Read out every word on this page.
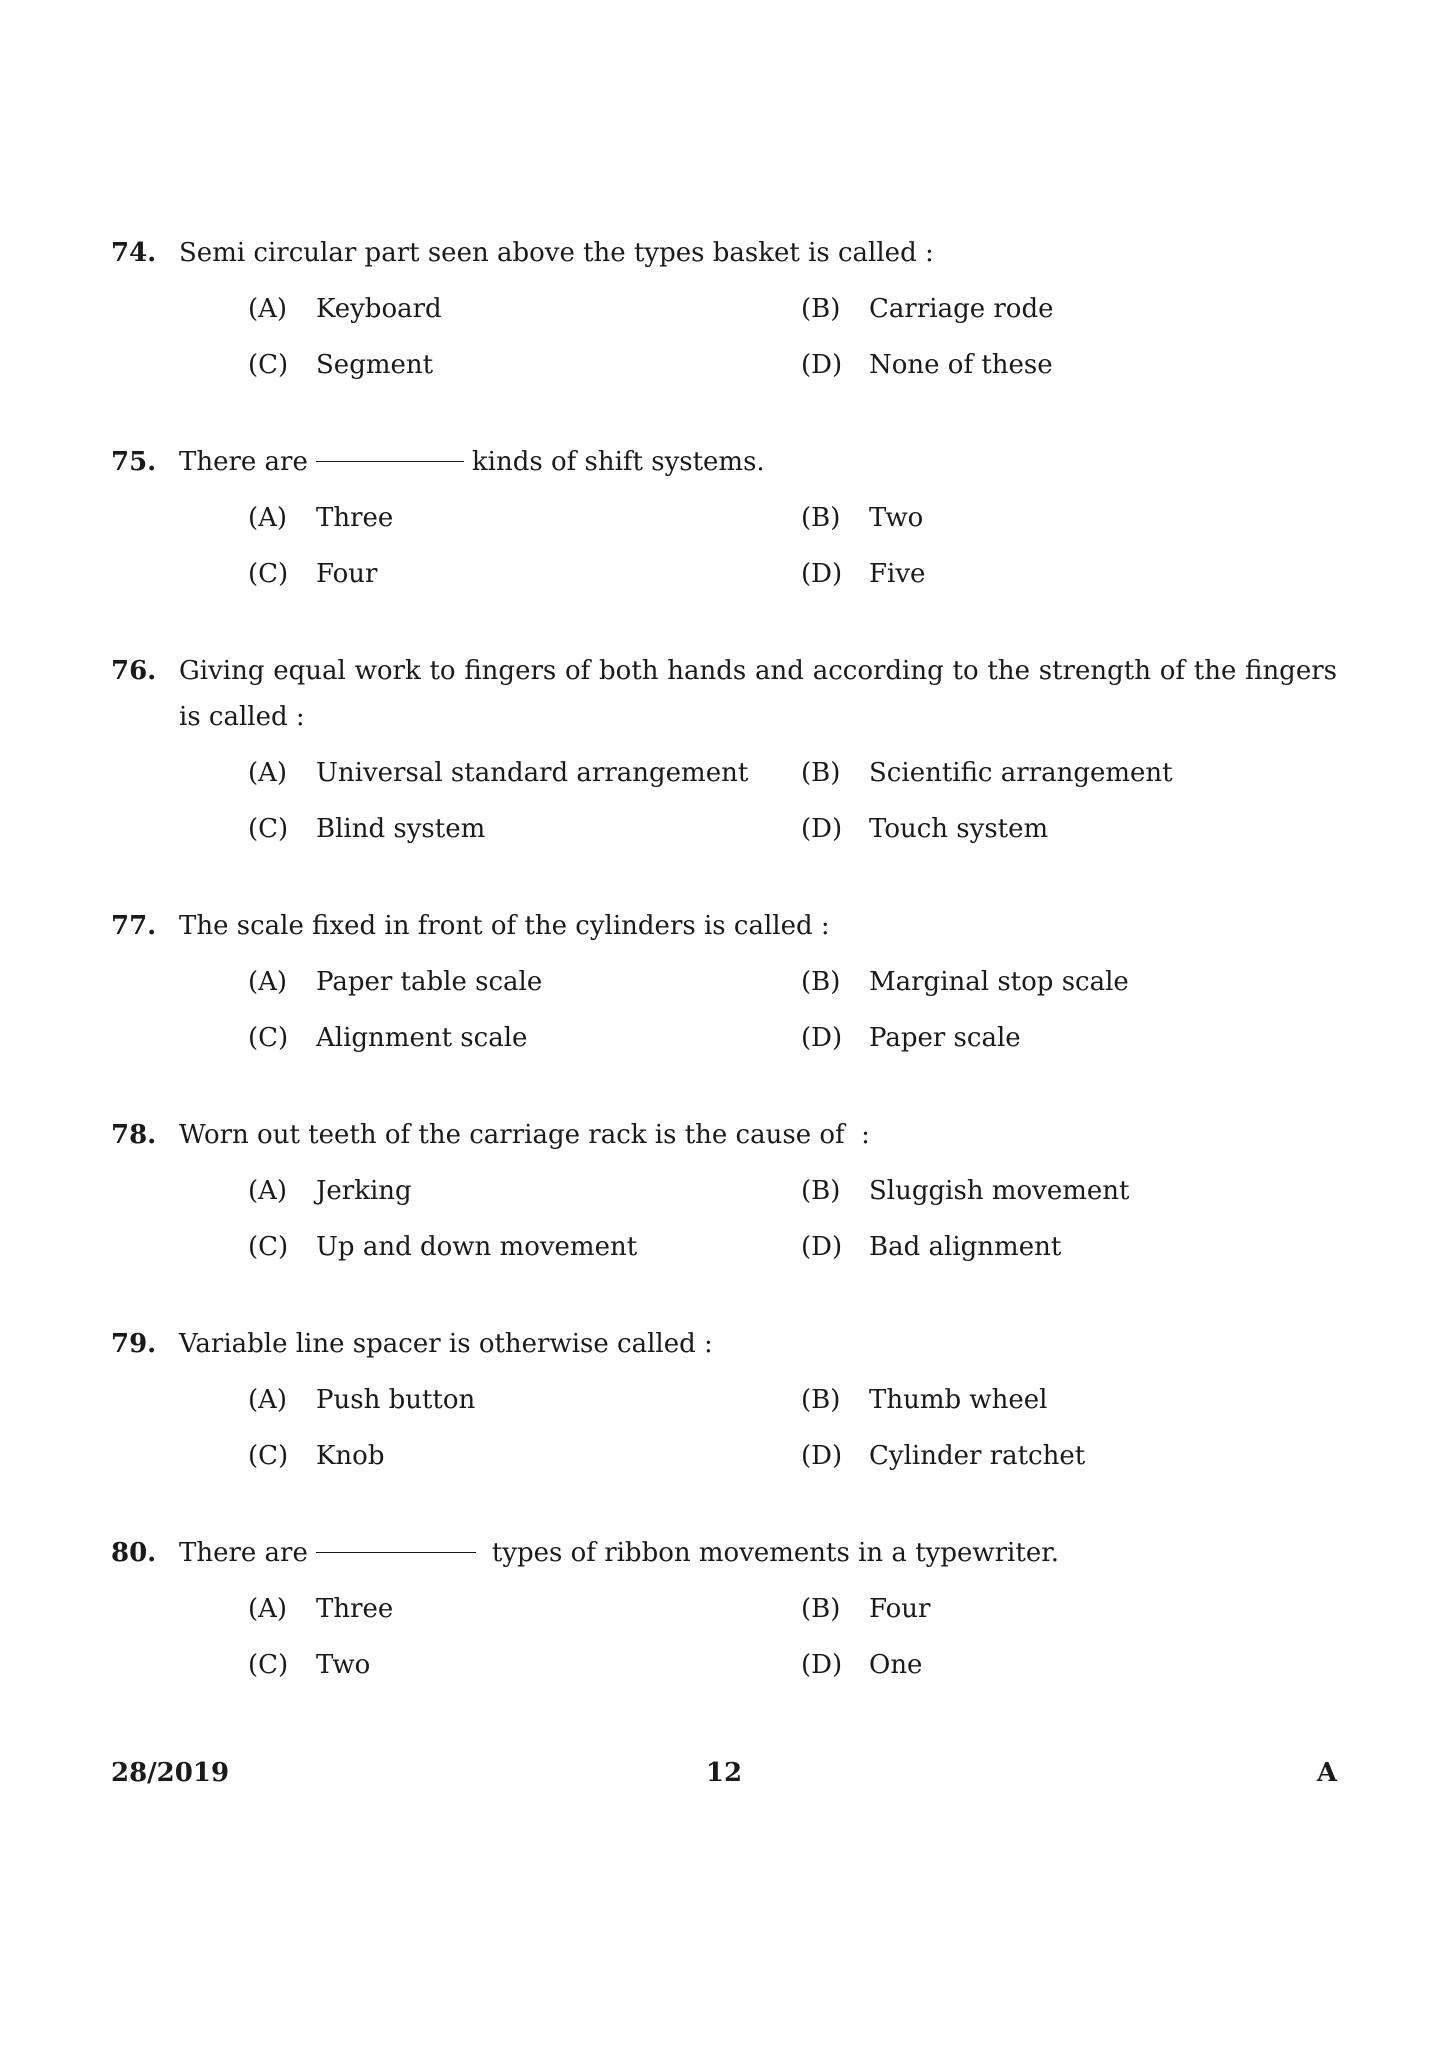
74. Semi circular part seen above the types basket is called :
(A) Keyboard	(B) Carriage rode
(C) Segment	(D) None of these
75. There are	kinds of shift systems.
(A) Three	(B) Two
(C) Four	(D) Five
76. Giving equal work to fingers of both hands and according to the strength of the fingers is called :
(A) Universal standard arrangement (B) Scientific arrangement
(C) Blind system	(D) Touch system
77. The scale fixed in front of the cylinders is called :
(A) Paper table scale	(B) Marginal stop scale
(C) Alignment scale	(D) Paper scale
78. Worn out teeth of the carriage rack is the cause of  :
(A) Jerking	(B) Sluggish movement
(C) Up and down movement	(D) Bad alignment
79. Variable line spacer is otherwise called :
(A) Push button	(B) Thumb wheel
(C) Knob	(D) Cylinder ratchet
80. There are	types of ribbon movements in a typewriter.
(A) Three	(B) Four
(C) Two	(D) One
28/2019	12	A
